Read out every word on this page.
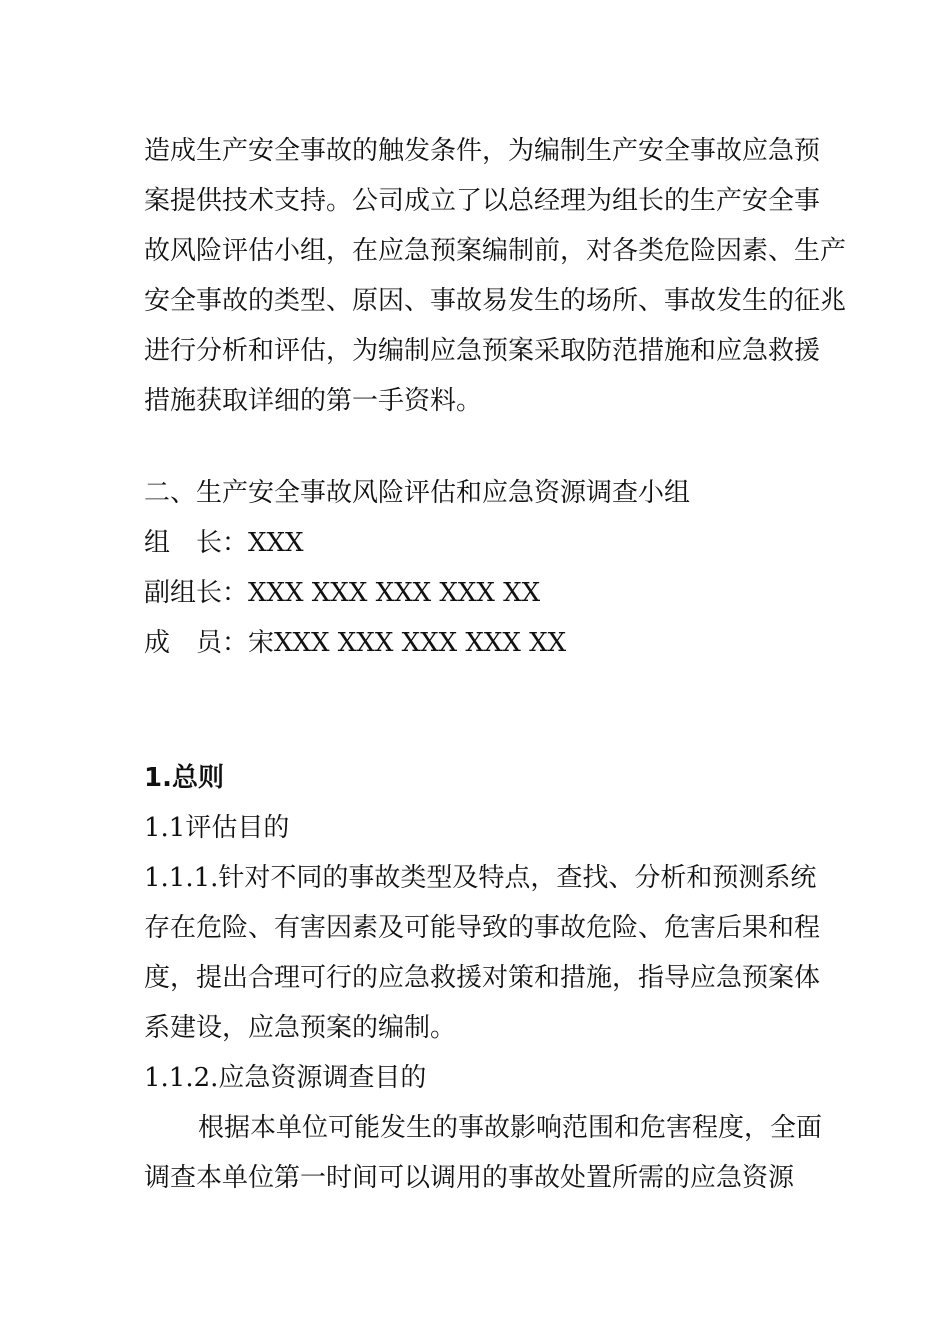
造成生产安全事故的触发条件，为编制生产安全事故应急预
案提供技术支持。公司成立了以总经理为组长的生产安全事
故风险评估小组，在应急预案编制前，对各类危险因素、生产
安全事故的类型、原因、事故易发生的场所、事故发生的征兆
进行分析和评估，为编制应急预案采取防范措施和应急救援
措施获取详细的第一手资料。
二、生产安全事故风险评估和应急资源调查小组
组　长：XXX
副组长：XXX XXX XXX XXX XX
成　员：宋XXX XXX XXX XXX XX
1.总则
1.1评估目的
1.1.1.针对不同的事故类型及特点，查找、分析和预测系统
存在危险、有害因素及可能导致的事故危险、危害后果和程
度，提出合理可行的应急救援对策和措施，指导应急预案体
系建设，应急预案的编制。
1.1.2.应急资源调查目的
根据本单位可能发生的事故影响范围和危害程度，全面
调查本单位第一时间可以调用的事故处置所需的应急资源
